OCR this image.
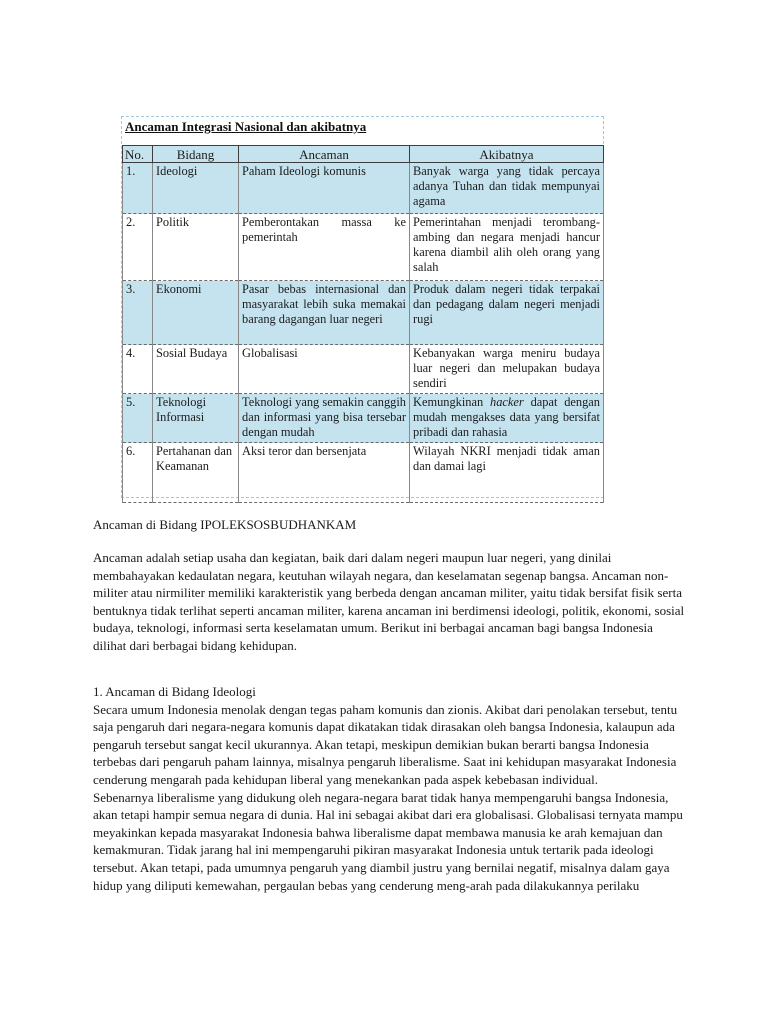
Ancaman Integrasi Nasional dan akibatnya
No.	Bidang	Ancaman	Akibatnya
1.	Ideologi	Paham Ideologi komunis	Banyak warga yang tidak percaya adanya Tuhan dan tidak mempunyai agama
2.	Politik	Pemberontakan massa ke pemerintah	Pemerintahan menjadi terombang-ambing dan negara menjadi hancur karena diambil alih oleh orang yang salah
3.	Ekonomi	Pasar bebas internasional dan masyarakat lebih suka memakai barang dagangan luar negeri	Produk dalam negeri tidak terpakai dan pedagang dalam negeri menjadi rugi
4.	Sosial Budaya	Globalisasi	Kebanyakan warga meniru budaya luar negeri dan melupakan budaya sendiri
5.	Teknologi Informasi	Teknologi yang semakin canggih dan informasi yang bisa tersebar dengan mudah	Kemungkinan hacker dapat dengan mudah mengakses data yang bersifat pribadi dan rahasia
6.	Pertahanan dan Keamanan	Aksi teror dan bersenjata	Wilayah NKRI menjadi tidak aman dan damai lagi
Ancaman di Bidang IPOLEKSOSBUDHANKAM

Ancaman adalah setiap usaha dan kegiatan, baik dari dalam negeri maupun luar negeri, yang dinilai membahayakan kedaulatan negara, keutuhan wilayah negara, dan keselamatan segenap bangsa. Ancaman non-militer atau nirmiliter memiliki karakteristik yang berbeda dengan ancaman militer, yaitu tidak bersifat fisik serta bentuknya tidak terlihat seperti ancaman militer, karena ancaman ini berdimensi ideologi, politik, ekonomi, sosial budaya, teknologi, informasi serta keselamatan umum. Berikut ini berbagai ancaman bagi bangsa Indonesia dilihat dari berbagai bidang kehidupan.

1. Ancaman di Bidang Ideologi

Secara umum Indonesia menolak dengan tegas paham komunis dan zionis. Akibat dari penolakan tersebut, tentu saja pengaruh dari negara-negara komunis dapat dikatakan tidak dirasakan oleh bangsa Indonesia, kalaupun ada pengaruh tersebut sangat kecil ukurannya. Akan tetapi, meskipun demikian bukan berarti bangsa Indonesia terbebas dari pengaruh paham lainnya, misalnya pengaruh liberalisme. Saat ini kehidupan masyarakat Indonesia cenderung mengarah pada kehidupan liberal yang menekankan pada aspek kebebasan individual.

Sebenarnya liberalisme yang didukung oleh negara-negara barat tidak hanya mempengaruhi bangsa Indonesia, akan tetapi hampir semua negara di dunia. Hal ini sebagai akibat dari era globalisasi. Globalisasi ternyata mampu meyakinkan kepada masyarakat Indonesia bahwa liberalisme dapat membawa manusia ke arah kemajuan dan kemakmuran. Tidak jarang hal ini mempengaruhi pikiran masyarakat Indonesia untuk tertarik pada ideologi tersebut. Akan tetapi, pada umumnya pengaruh yang diambil justru yang bernilai negatif, misalnya dalam gaya hidup yang diliputi kemewahan, pergaulan bebas yang cenderung meng-arah pada dilakukannya perilaku
